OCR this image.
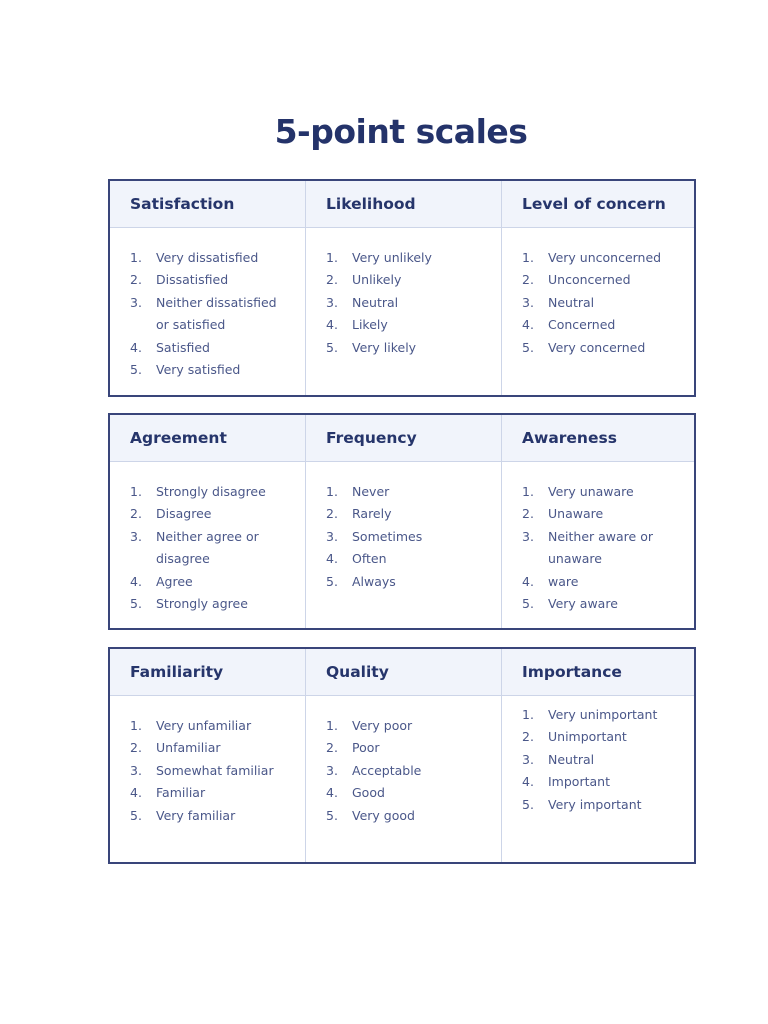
5-point scales
Satisfaction	Likelihood	Level of concern
1.	Very dissatisfied
2.	Dissatisfied
3.	Neither dissatisfied or satisfied
4.	Satisfied
5.	Very satisfied
1.	Very unlikely
2.	Unlikely
3.	Neutral
4.	Likely
5.	Very likely
1.	Very unconcerned
2.	Unconcerned
3.	Neutral
4.	Concerned
5.	Very concerned
Agreement	Frequency	Awareness
1.	Strongly disagree
2.	Disagree
3.	Neither agree or disagree
4.	Agree
5.	Strongly agree
1.	Never
2.	Rarely
3.	Sometimes
4.	Often
5.	Always
1.	Very unaware
2.	Unaware
3.	Neither aware or unaware
4.	ware
5.	Very aware
Familiarity	Quality	Importance
1.	Very unfamiliar
2.	Unfamiliar
3.	Somewhat familiar
4.	Familiar
5.	Very familiar
1.	Very poor
2.	Poor
3.	Acceptable
4.	Good
5.	Very good
1.	Very unimportant
2.	Unimportant
3.	Neutral
4.	Important
5.	Very important
